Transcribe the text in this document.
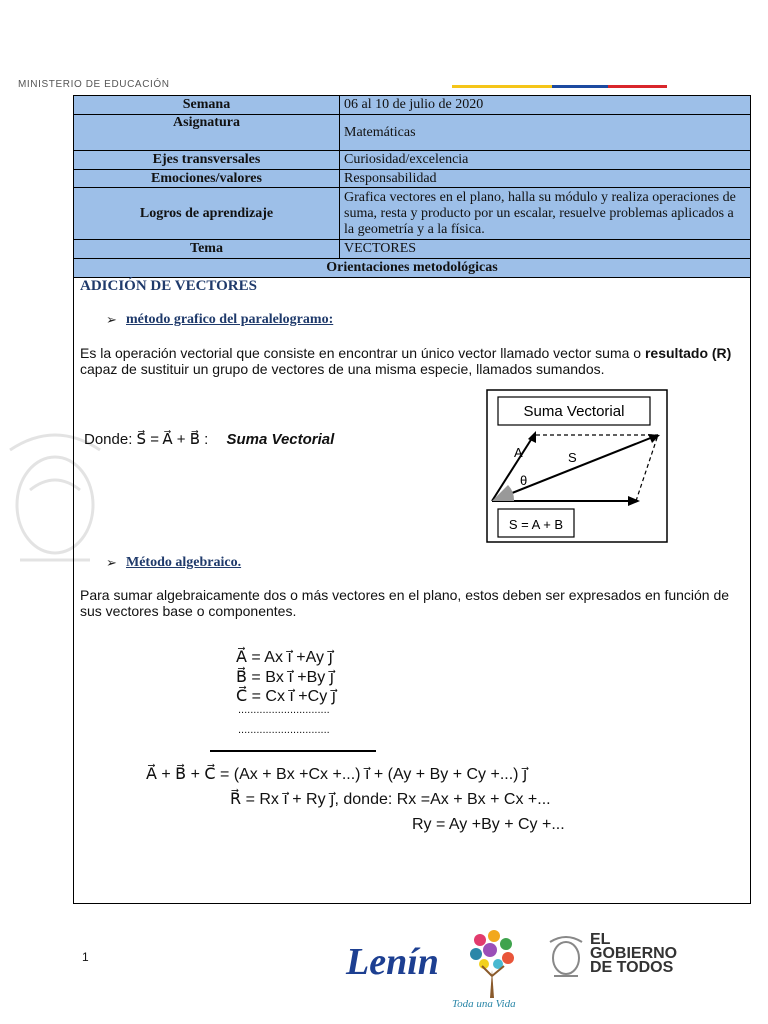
MINISTERIO DE EDUCACIÓN
Semana	06 al 10 de julio de 2020
Asignatura	Matemáticas
Ejes transversales	Curiosidad/excelencia
Emociones/valores	Responsabilidad
Logros de aprendizaje	Grafica vectores en el plano, halla su módulo y realiza operaciones de suma, resta y producto por un escalar, resuelve problemas aplicados a la geometría y a la física.
Tema	VECTORES
Orientaciones metodológicas	
ADICIÓN DE VECTORES
➢ método grafico del paralelogramo:
Es la operación vectorial que consiste en encontrar un único vector llamado vector suma o resultado (R) capaz de sustituir un grupo de vectores de una misma especie, llamados sumandos.
Donde: S⃗ = A⃗ + B⃗ : Suma Vectorial
Suma Vectorial
A	S
θ
S = A + B
➢ Método algebraico.
Para sumar algebraicamente dos o más vectores en el plano, estos deben ser expresados en función de sus vectores base o componentes.
A⃗ = Ax i⃗ +Ay j⃗
B⃗ = Bx i⃗ +By j⃗
C⃗ = Cx i⃗ +Cy j⃗
..............................
..............................
A⃗ + B⃗ + C⃗ = (Ax + Bx +Cx +...) i⃗ + (Ay + By + Cy +...) j⃗
R⃗ = Rx i⃗ + Ry j⃗, donde: Rx =Ax + Bx + Cx +...
Ry = Ay +By + Cy +...
1	Lenín
Toda una Vida
EL
GOBIERNO
DE TODOS
